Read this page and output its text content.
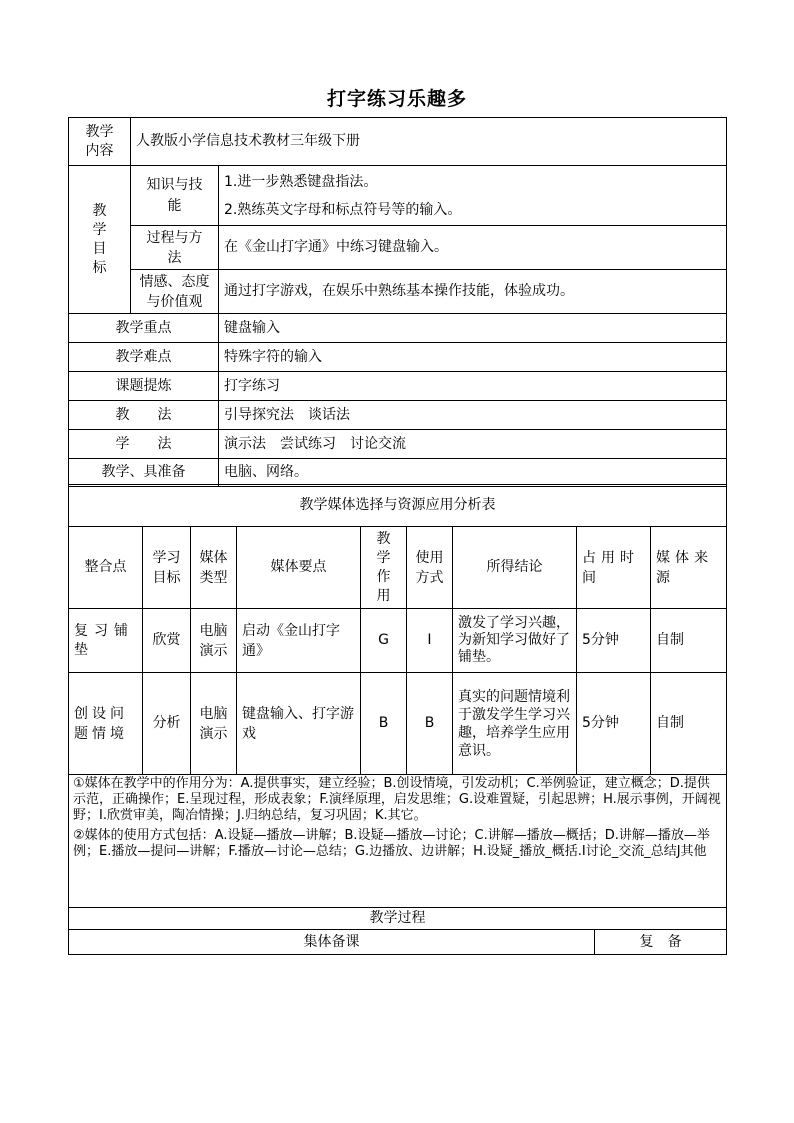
打字练习乐趣多
教学内容	人教版小学信息技术教材三年级下册	
教学目标	知识与技能	1.进一步熟悉键盘指法。
2.熟练英文字母和标点符号等的输入。

	过程与方法	在《金山打字通》中练习键盘输入。
	情感、态度与价值观	通过打字游戏，在娱乐中熟练基本操作技能，体验成功。
教学重点		键盘输入
教学难点		特殊字符的输入
课题提炼		打字练习
教　　法		引导探究法　谈话法
学　　法		演示法　尝试练习　讨论交流
教学、具准备		电脑、网络。
教学媒体选择与资源应用分析表								
整合点	学习目标	媒体类型	媒体要点	教学作用	使用方式	所得结论	占用时间	媒体来源
复习铺垫	欣赏	电脑演示	启动《金山打字通》	G	I	激发了学习兴趣，为新知学习做好了铺垫。	5分钟	自制
创设问题情境	分析	电脑演示	键盘输入、打字游戏	B	B	真实的问题情境利于激发学生学习兴趣，培养学生应用意识。	5分钟	自制

①媒体在教学中的作用分为：A.提供事实，建立经验；B.创设情境，引发动机；C.举例验证，建立概念；D.提供示范，正确操作；E.呈现过程，形成表象；F.演绎原理，启发思维；G.设难置疑，引起思辨；H.展示事例，开阔视野；I.欣赏审美，陶冶情操；J.归纳总结，复习巩固；K.其它。
②媒体的使用方式包括：A.设疑—播放—讲解；B.设疑—播放—讨论；C.讲解—播放—概括；D.讲解—播放—举例；E.播放—提问—讲解；F.播放—讨论—总结；G.边播放、边讲解；H.设疑_播放_概括.I讨论_交流_总结J其他								

教学过程								
集体备课	复　备
